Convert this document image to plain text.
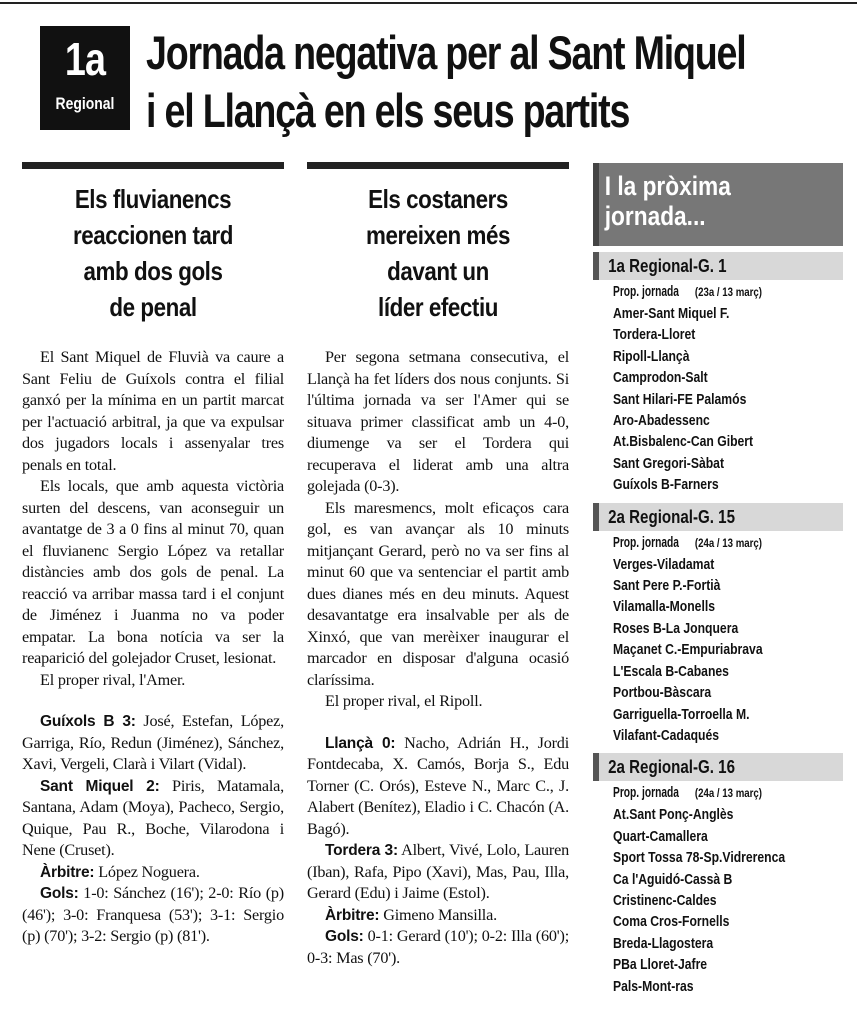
1a
Regional
Jornada negativa per al Sant Miquel
i el Llançà en els seus partits
Els fluvianencs
reaccionen tard
amb dos gols
de penal

El Sant Miquel de Fluvià va caure a Sant Feliu de Guíxols contra el filial ganxó per la mínima en un partit marcat per l'actuació arbitral, ja que va expulsar dos jugadors locals i assenyalar tres penals en total.

Els locals, que amb aquesta victòria surten del descens, van aconseguir un avantatge de 3 a 0 fins al minut 70, quan el fluvianenc Sergio López va retallar distàncies amb dos gols de penal. La reacció va arribar massa tard i el conjunt de Jiménez i Juanma no va poder empatar. La bona notícia va ser la reaparició del golejador Cruset, lesionat.

El proper rival, l'Amer.

Guíxols B 3: José, Estefan, López, Garriga, Río, Redun (Jiménez), Sánchez, Xavi, Vergeli, Clarà i Vilart (Vidal).

Sant Miquel 2: Piris, Matamala, Santana, Adam (Moya), Pacheco, Sergio, Quique, Pau R., Boche, Vilarodona i Nene (Cruset).

Àrbitre: López Noguera.

Gols: 1-0: Sánchez (16'); 2-0: Río (p) (46'); 3-0: Franquesa (53'); 3-1: Sergio (p) (70'); 3-2: Sergio (p) (81').

Els costaners
mereixen més
davant un
líder efectiu

Per segona setmana consecutiva, el Llançà ha fet líders dos nous conjunts. Si l'última jornada va ser l'Amer qui se situava primer classificat amb un 4-0, diumenge va ser el Tordera qui recuperava el liderat amb una altra golejada (0-3).

Els maresmencs, molt eficaços cara gol, es van avançar als 10 minuts mitjançant Gerard, però no va ser fins al minut 60 que va sentenciar el partit amb dues dianes més en deu minuts. Aquest desavantatge era insalvable per als de Xinxó, que van merèixer inaugurar el marcador en disposar d'alguna ocasió claríssima.

El proper rival, el Ripoll.

Llançà 0: Nacho, Adrián H., Jordi Fontdecaba, X. Camós, Borja S., Edu Torner (C. Orós), Esteve N., Marc C., J. Alabert (Benítez), Eladio i C. Chacón (A. Bagó).

Tordera 3: Albert, Vivé, Lolo, Lauren (Iban), Rafa, Pipo (Xavi), Mas, Pau, Illa, Gerard (Edu) i Jaime (Estol).

Àrbitre: Gimeno Mansilla.

Gols: 0-1: Gerard (10'); 0-2: Illa (60'); 0-3: Mas (70').

I la pròxima
jornada...
1a Regional-G. 1
Prop. jornada (23a / 13 març)
Amer-Sant Miquel F.
Tordera-Lloret
Ripoll-Llançà
Camprodon-Salt
Sant Hilari-FE Palamós
Aro-Abadessenc
At.Bisbalenc-Can Gibert
Sant Gregori-Sàbat
Guíxols B-Farners
2a Regional-G. 15
Prop. jornada (24a / 13 març)
Verges-Viladamat
Sant Pere P.-Fortià
Vilamalla-Monells
Roses B-La Jonquera
Maçanet C.-Empuriabrava
L'Escala B-Cabanes
Portbou-Bàscara
Garriguella-Torroella M.
Vilafant-Cadaqués
2a Regional-G. 16
Prop. jornada (24a / 13 març)
At.Sant Ponç-Anglès
Quart-Camallera
Sport Tossa 78-Sp.Vidrerenca
Ca l'Aguidó-Cassà B
Cristinenc-Caldes
Coma Cros-Fornells
Breda-Llagostera
PBa Lloret-Jafre
Pals-Mont-ras
